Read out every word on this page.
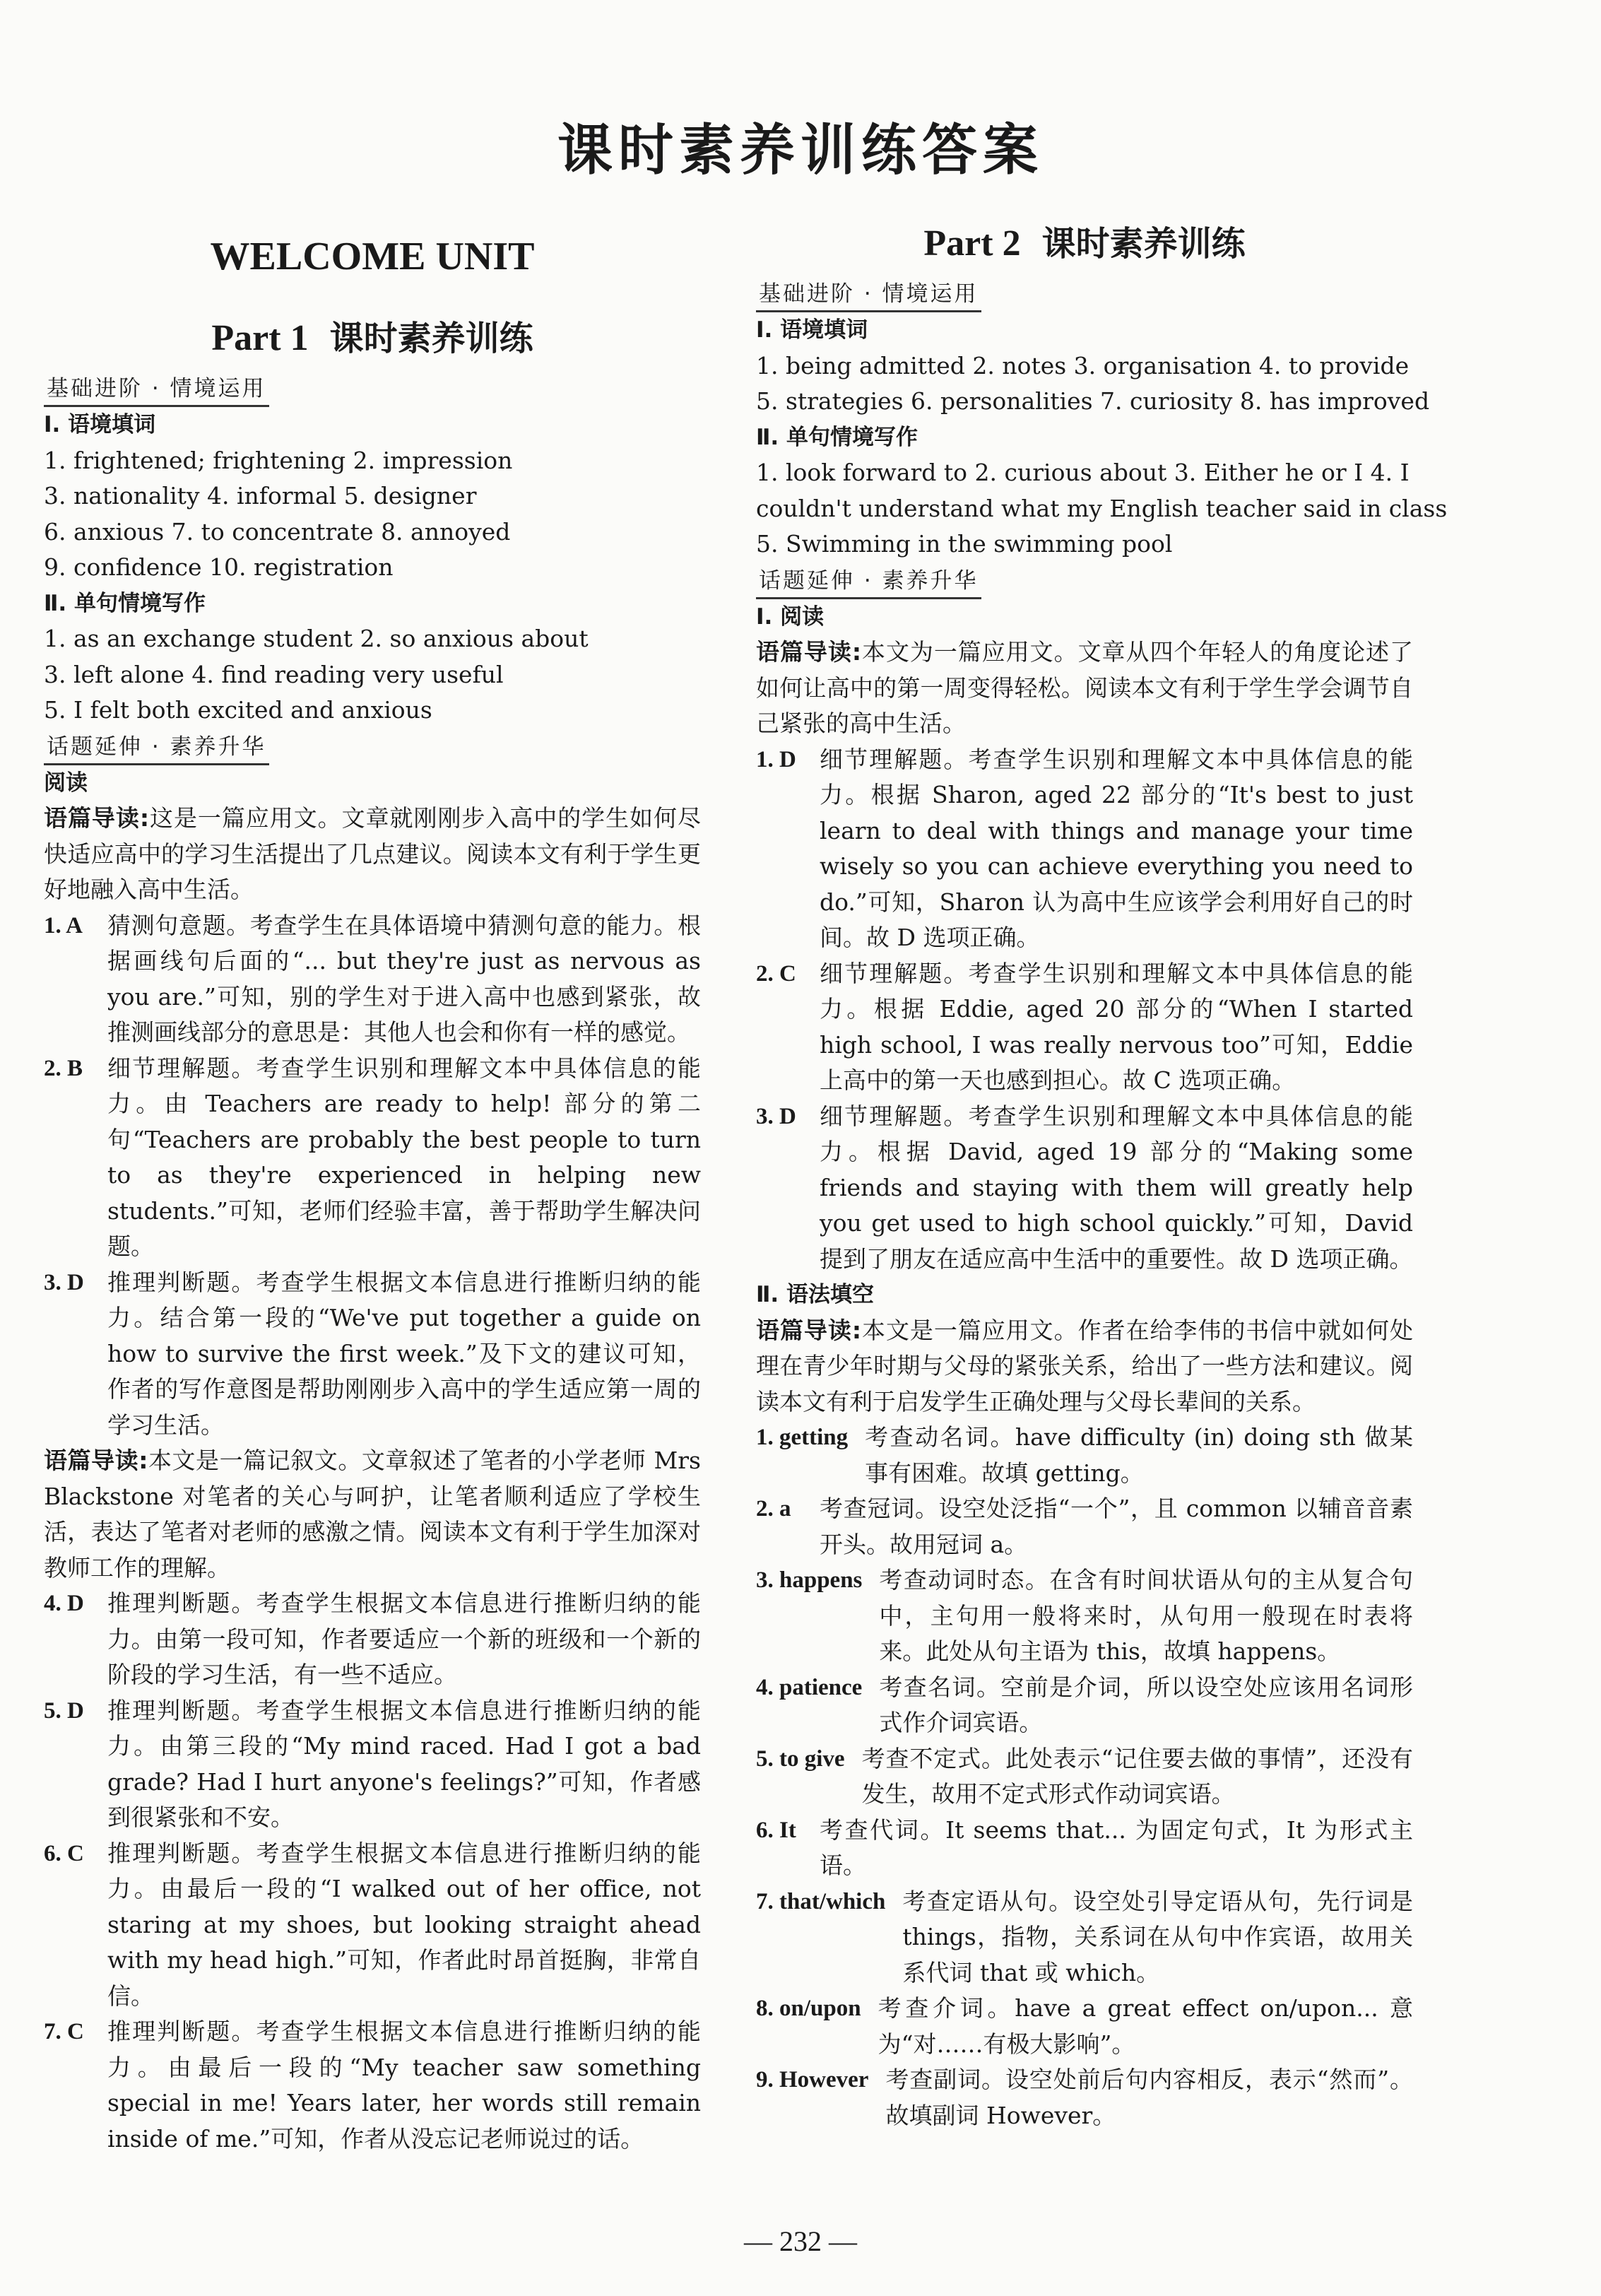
课时素养训练答案
WELCOME UNIT
Part 1 课时素养训练
基础进阶 · 情境运用
Ⅰ. 语境填词
1. frightened; frightening 2. impression
3. nationality 4. informal 5. designer
6. anxious 7. to concentrate 8. annoyed
9. confidence 10. registration
Ⅱ. 单句情境写作
1. as an exchange student 2. so anxious about
3. left alone 4. find reading very useful
5. I felt both excited and anxious
话题延伸 · 素养升华
阅读
语篇导读:这是一篇应用文。文章就刚刚步入高中的学生如何尽快适应高中的学习生活提出了几点建议。阅读本文有利于学生更好地融入高中生活。
1. A	猜测句意题。考查学生在具体语境中猜测句意的能力。根据画线句后面的“... but they're just as nervous as you are.”可知，别的学生对于进入高中也感到紧张，故推测画线部分的意思是：其他人也会和你有一样的感觉。
2. B	细节理解题。考查学生识别和理解文本中具体信息的能力。由 Teachers are ready to help! 部分的第二句“Teachers are probably the best people to turn to as they're experienced in helping new students.”可知，老师们经验丰富，善于帮助学生解决问题。
3. D	推理判断题。考查学生根据文本信息进行推断归纳的能力。结合第一段的“We've put together a guide on how to survive the first week.”及下文的建议可知，作者的写作意图是帮助刚刚步入高中的学生适应第一周的学习生活。
语篇导读:本文是一篇记叙文。文章叙述了笔者的小学老师 Mrs Blackstone 对笔者的关心与呵护，让笔者顺利适应了学校生活，表达了笔者对老师的感激之情。阅读本文有利于学生加深对教师工作的理解。
4. D	推理判断题。考查学生根据文本信息进行推断归纳的能力。由第一段可知，作者要适应一个新的班级和一个新的阶段的学习生活，有一些不适应。
5. D	推理判断题。考查学生根据文本信息进行推断归纳的能力。由第三段的“My mind raced. Had I got a bad grade? Had I hurt anyone's feelings?”可知，作者感到很紧张和不安。
6. C	推理判断题。考查学生根据文本信息进行推断归纳的能力。由最后一段的“I walked out of her office, not staring at my shoes, but looking straight ahead with my head high.”可知，作者此时昂首挺胸，非常自信。
7. C	推理判断题。考查学生根据文本信息进行推断归纳的能力。由最后一段的“My teacher saw something special in me! Years later, her words still remain inside of me.”可知，作者从没忘记老师说过的话。
Part 2 课时素养训练
基础进阶 · 情境运用
Ⅰ. 语境填词
1. being admitted 2. notes 3. organisation 4. to provide
5. strategies 6. personalities 7. curiosity 8. has improved
Ⅱ. 单句情境写作
1. look forward to 2. curious about 3. Either he or I 4. I
couldn't understand what my English teacher said in class
5. Swimming in the swimming pool
话题延伸 · 素养升华
Ⅰ. 阅读
语篇导读:本文为一篇应用文。文章从四个年轻人的角度论述了如何让高中的第一周变得轻松。阅读本文有利于学生学会调节自己紧张的高中生活。
1. D	细节理解题。考查学生识别和理解文本中具体信息的能力。根据 Sharon, aged 22 部分的“It's best to just learn to deal with things and manage your time wisely so you can achieve everything you need to do.”可知，Sharon 认为高中生应该学会利用好自己的时间。故 D 选项正确。
2. C	细节理解题。考查学生识别和理解文本中具体信息的能力。根据 Eddie, aged 20 部分的“When I started high school, I was really nervous too”可知，Eddie 上高中的第一天也感到担心。故 C 选项正确。
3. D	细节理解题。考查学生识别和理解文本中具体信息的能力。根据 David, aged 19 部分的“Making some friends and staying with them will greatly help you get used to high school quickly.”可知，David 提到了朋友在适应高中生活中的重要性。故 D 选项正确。
Ⅱ. 语法填空
语篇导读:本文是一篇应用文。作者在给李伟的书信中就如何处理在青少年时期与父母的紧张关系，给出了一些方法和建议。阅读本文有利于启发学生正确处理与父母长辈间的关系。
1. getting 考查动名词。have difficulty (in) doing sth 做某事有困难。故填 getting。
2. a	考查冠词。设空处泛指“一个”，且 common 以辅音音素开头。故用冠词 a。
3. happens 考查动词时态。在含有时间状语从句的主从复合句中，主句用一般将来时，从句用一般现在时表将来。此处从句主语为 this，故填 happens。
4. patience 考查名词。空前是介词，所以设空处应该用名词形式作介词宾语。
5. to give 考查不定式。此处表示“记住要去做的事情”，还没有发生，故用不定式形式作动词宾语。
6. It	考查代词。It seems that... 为固定句式，It 为形式主语。
7. that/which 考查定语从句。设空处引导定语从句，先行词是 things，指物，关系词在从句中作宾语，故用关系代词 that 或 which。
8. on/upon 考查介词。have a great effect on/upon... 意为“对……有极大影响”。
9. However 考查副词。设空处前后句内容相反，表示“然而”。故填副词 However。
— 232 —
